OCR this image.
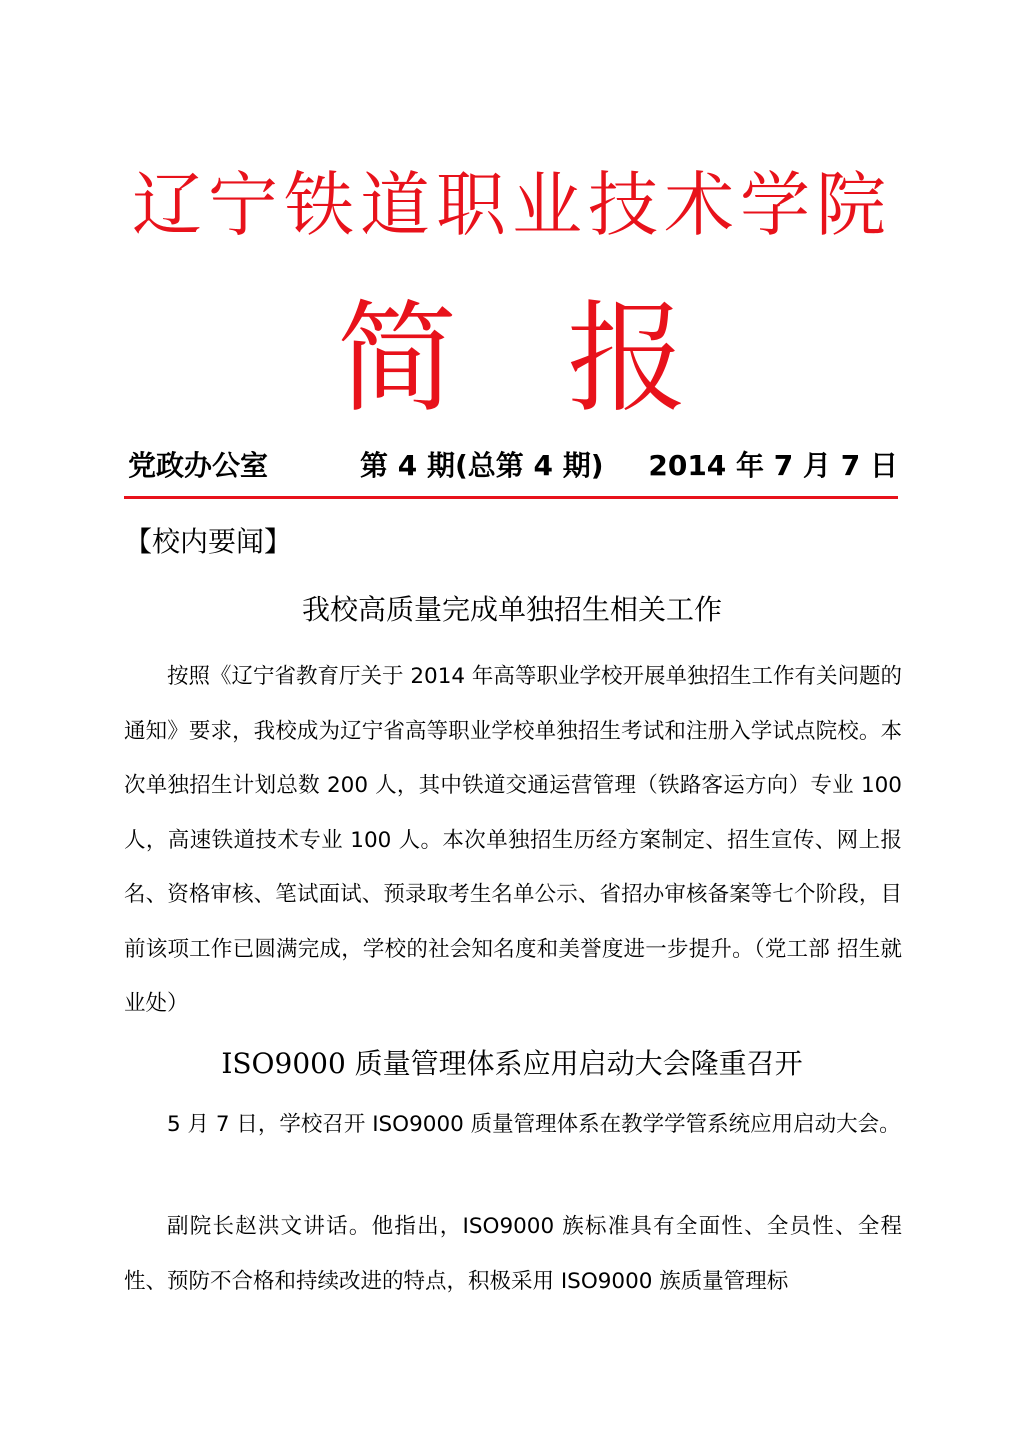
辽宁铁道职业技术学院
简 报
党政办公室	第 4 期(总第 4 期) 2014 年 7 月 7 日
【校内要闻】
我校高质量完成单独招生相关工作

按照《辽宁省教育厅关于 2014 年高等职业学校开展单独招生工作有关问题的通知》要求，我校成为辽宁省高等职业学校单独招生考试和注册入学试点院校。本次单独招生计划总数 200 人，其中铁道交通运营管理（铁路客运方向）专业 100 人，高速铁道技术专业 100 人。本次单独招生历经方案制定、招生宣传、网上报名、资格审核、笔试面试、预录取考生名单公示、省招办审核备案等七个阶段，目前该项工作已圆满完成，学校的社会知名度和美誉度进一步提升。（党工部 招生就业处）

ISO9000 质量管理体系应用启动大会隆重召开

5 月 7 日，学校召开 ISO9000 质量管理体系在教学学管系统应用启动大会。

副院长赵洪文讲话。他指出，ISO9000 族标准具有全面性、全员性、全程性、预防不合格和持续改进的特点，积极采用 ISO9000 族质量管理标
